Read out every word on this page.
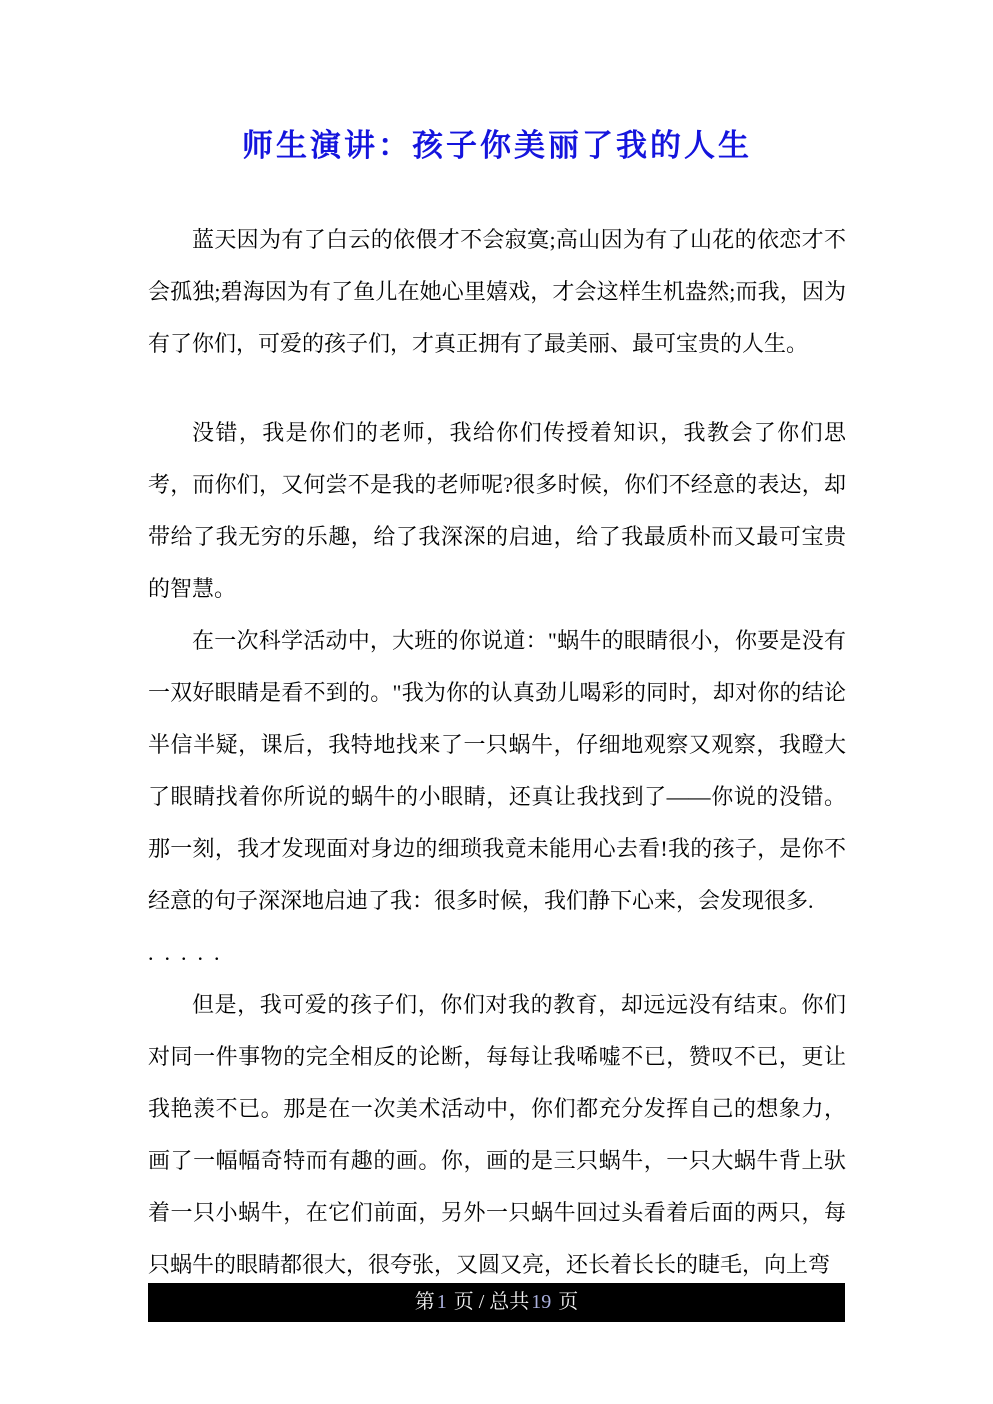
师生演讲：孩子你美丽了我的人生

蓝天因为有了白云的依偎才不会寂寞;高山因为有了山花的依恋才不会孤独;碧海因为有了鱼儿在她心里嬉戏，才会这样生机盎然;而我，因为有了你们，可爱的孩子们，才真正拥有了最美丽、最可宝贵的人生。

没错，我是你们的老师，我给你们传授着知识，我教会了你们思考，而你们，又何尝不是我的老师呢?很多时候，你们不经意的表达，却带给了我无穷的乐趣，给了我深深的启迪，给了我最质朴而又最可宝贵的智慧。

在一次科学活动中，大班的你说道："蜗牛的眼睛很小，你要是没有一双好眼睛是看不到的。"我为你的认真劲儿喝彩的同时，却对你的结论半信半疑，课后，我特地找来了一只蜗牛，仔细地观察又观察，我瞪大了眼睛找着你所说的蜗牛的小眼睛，还真让我找到了——你说的没错。那一刻，我才发现面对身边的细琐我竟未能用心去看!我的孩子，是你不经意的句子深深地启迪了我：很多时候，我们静下心来，会发现很多.

.....

但是，我可爱的孩子们，你们对我的教育，却远远没有结束。你们对同一件事物的完全相反的论断，每每让我唏嘘不已，赞叹不已，更让我艳羡不已。那是在一次美术活动中，你们都充分发挥自己的想象力，画了一幅幅奇特而有趣的画。你，画的是三只蜗牛，一只大蜗牛背上驮着一只小蜗牛，在它们前面，另外一只蜗牛回过头看着后面的两只，每只蜗牛的眼睛都很大，很夸张，又圆又亮，还长着长长的睫毛，向上弯

第 1 页 / 总共 19 页
